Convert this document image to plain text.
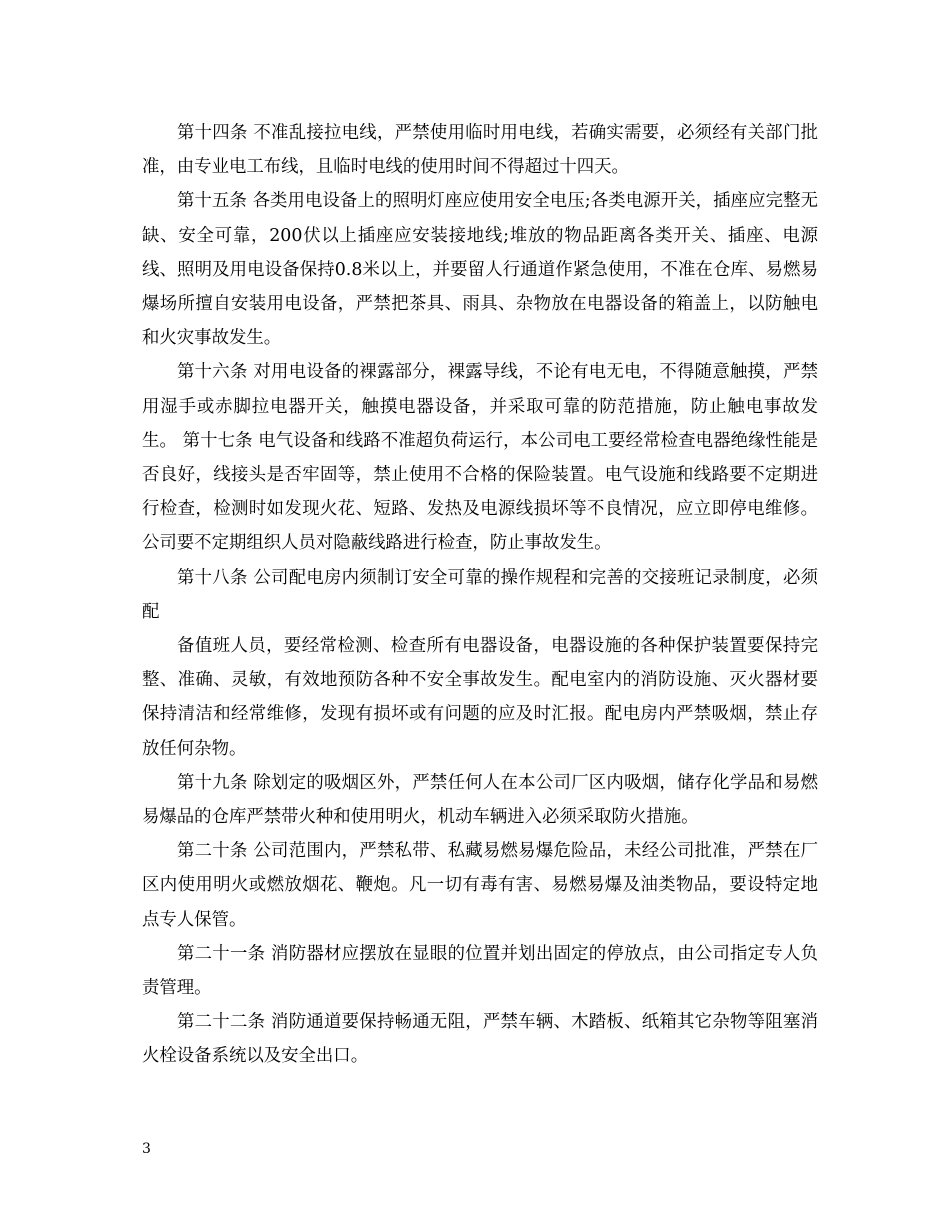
第十四条 不准乱接拉电线，严禁使用临时用电线，若确实需要，必须经有关部门批准，由专业电工布线，且临时电线的使用时间不得超过十四天。

第十五条 各类用电设备上的照明灯座应使用安全电压;各类电源开关，插座应完整无缺、安全可靠，200伏以上插座应安装接地线;堆放的物品距离各类开关、插座、电源线、照明及用电设备保持0.8米以上，并要留人行通道作紧急使用，不准在仓库、易燃易爆场所擅自安装用电设备，严禁把茶具、雨具、杂物放在电器设备的箱盖上，以防触电和火灾事故发生。

第十六条 对用电设备的裸露部分，裸露导线，不论有电无电，不得随意触摸，严禁用湿手或赤脚拉电器开关，触摸电器设备，并采取可靠的防范措施，防止触电事故发生。 第十七条 电气设备和线路不准超负荷运行，本公司电工要经常检查电器绝缘性能是否良好，线接头是否牢固等，禁止使用不合格的保险装置。电气设施和线路要不定期进行检查，检测时如发现火花、短路、发热及电源线损坏等不良情况，应立即停电维修。公司要不定期组织人员对隐蔽线路进行检查，防止事故发生。

第十八条 公司配电房内须制订安全可靠的操作规程和完善的交接班记录制度，必须配

备值班人员，要经常检测、检查所有电器设备，电器设施的各种保护装置要保持完整、准确、灵敏，有效地预防各种不安全事故发生。配电室内的消防设施、灭火器材要保持清洁和经常维修，发现有损坏或有问题的应及时汇报。配电房内严禁吸烟，禁止存放任何杂物。

第十九条 除划定的吸烟区外，严禁任何人在本公司厂区内吸烟，储存化学品和易燃易爆品的仓库严禁带火种和使用明火，机动车辆进入必须采取防火措施。

第二十条 公司范围内，严禁私带、私藏易燃易爆危险品，未经公司批准，严禁在厂区内使用明火或燃放烟花、鞭炮。凡一切有毒有害、易燃易爆及油类物品，要设特定地点专人保管。

第二十一条 消防器材应摆放在显眼的位置并划出固定的停放点，由公司指定专人负责管理。

第二十二条 消防通道要保持畅通无阻，严禁车辆、木踏板、纸箱其它杂物等阻塞消火栓设备系统以及安全出口。

3
